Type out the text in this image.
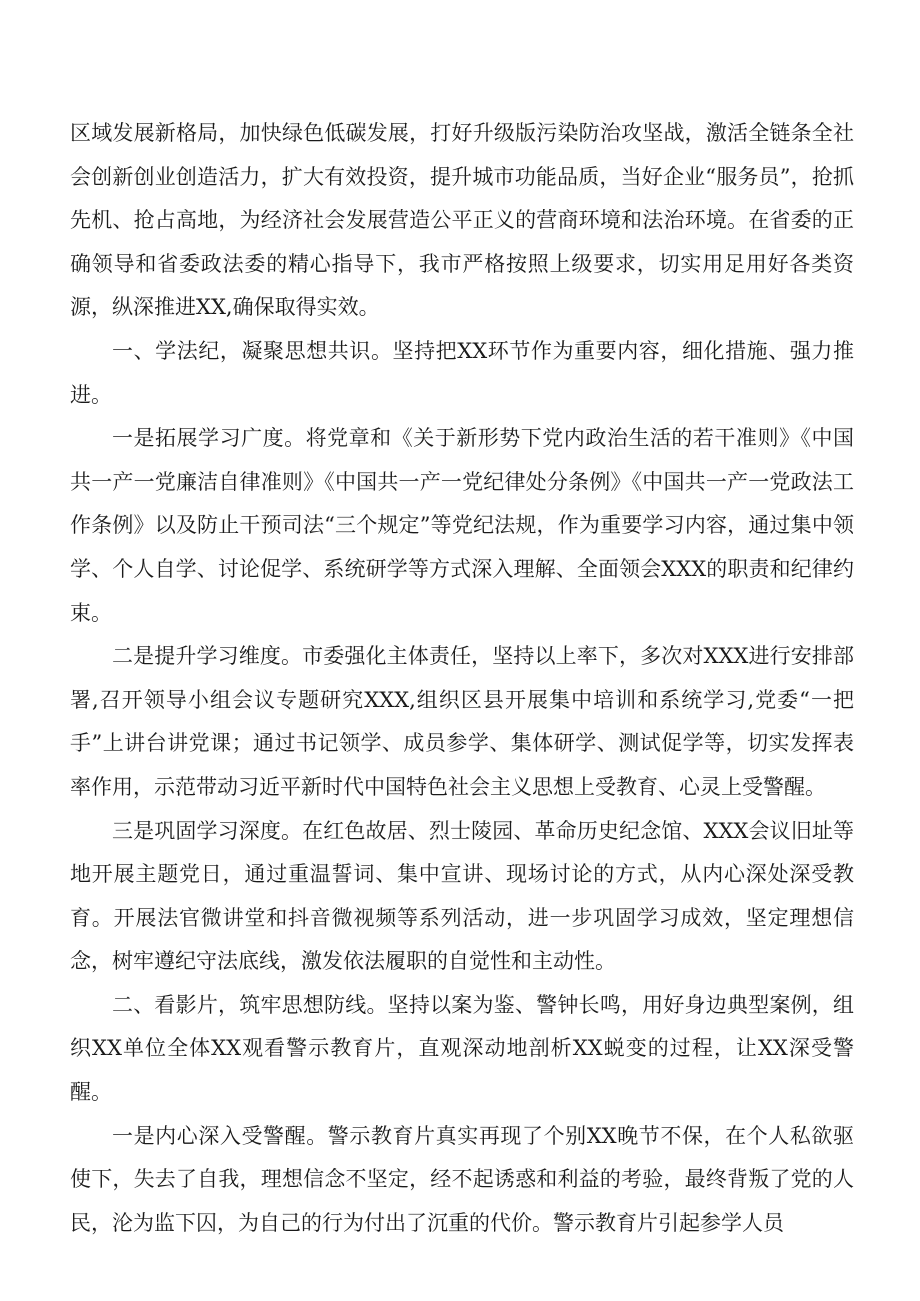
区域发展新格局，加快绿色低碳发展，打好升级版污染防治攻坚战，激活全链条全社会创新创业创造活力，扩大有效投资，提升城市功能品质，当好企业“服务员”，抢抓先机、抢占高地，为经济社会发展营造公平正义的营商环境和法治环境。在省委的正确领导和省委政法委的精心指导下，我市严格按照上级要求，切实用足用好各类资源，纵深推进XX,确保取得实效。

一、学法纪，凝聚思想共识。坚持把XX环节作为重要内容，细化措施、强力推进。

一是拓展学习广度。将党章和《关于新形势下党内政治生活的若干准则》《中国共一产一党廉洁自律准则》《中国共一产一党纪律处分条例》《中国共一产一党政法工作条例》以及防止干预司法“三个规定”等党纪法规，作为重要学习内容，通过集中领学、个人自学、讨论促学、系统研学等方式深入理解、全面领会XXX的职责和纪律约束。

二是提升学习维度。市委强化主体责任，坚持以上率下，多次对XXX进行安排部署,召开领导小组会议专题研究XXX,组织区县开展集中培训和系统学习,党委“一把手”上讲台讲党课；通过书记领学、成员参学、集体研学、测试促学等，切实发挥表率作用，示范带动习近平新时代中国特色社会主义思想上受教育、心灵上受警醒。

三是巩固学习深度。在红色故居、烈士陵园、革命历史纪念馆、XXX会议旧址等地开展主题党日，通过重温誓词、集中宣讲、现场讨论的方式，从内心深处深受教育。开展法官微讲堂和抖音微视频等系列活动，进一步巩固学习成效，坚定理想信念，树牢遵纪守法底线，激发依法履职的自觉性和主动性。

二、看影片，筑牢思想防线。坚持以案为鉴、警钟长鸣，用好身边典型案例，组织XX单位全体XX观看警示教育片，直观深动地剖析XX蜕变的过程，让XX深受警醒。

一是内心深入受警醒。警示教育片真实再现了个别XX晚节不保，在个人私欲驱使下，失去了自我，理想信念不坚定，经不起诱惑和利益的考验，最终背叛了党的人民，沦为监下囚，为自己的行为付出了沉重的代价。警示教育片引起参学人员
